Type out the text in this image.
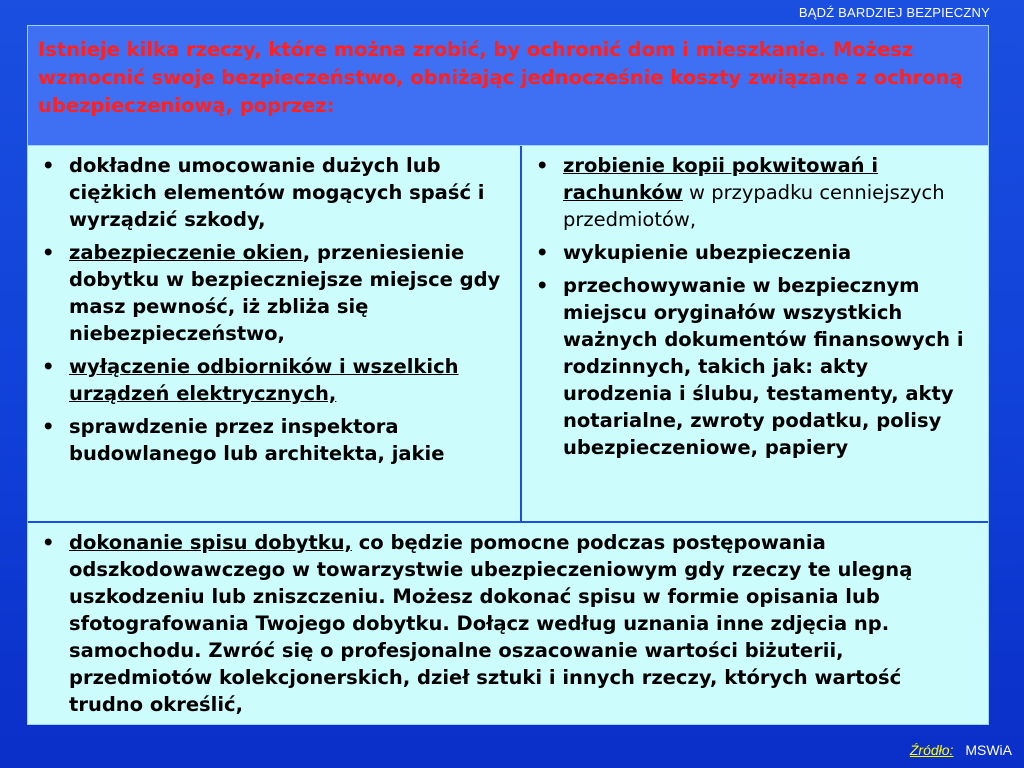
BĄDŹ BARDZIEJ BEZPIECZNY
Istnieje kilka rzeczy, które można zrobić, by ochronić dom i mieszkanie. Możesz wzmocnić swoje bezpieczeństwo, obniżając jednocześnie koszty związane z ochroną ubezpieczeniową, poprzez:
• dokładne umocowanie dużych lub ciężkich elementów mogących spaść i wyrządzić szkody,
• zabezpieczenie okien, przeniesienie dobytku w bezpieczniejsze miejsce gdy masz pewność, iż zbliża się niebezpieczeństwo,
• wyłączenie odbiorników i wszelkich urządzeń elektrycznych,
• sprawdzenie przez inspektora budowlanego lub architekta, jakie
• zrobienie kopii pokwitowań i rachunków w przypadku cenniejszych przedmiotów,
• wykupienie ubezpieczenia
• przechowywanie w bezpiecznym miejscu oryginałów wszystkich ważnych dokumentów finansowych i rodzinnych, takich jak: akty urodzenia i ślubu, testamenty, akty notarialne, zwroty podatku, polisy ubezpieczeniowe, papiery
• dokonanie spisu dobytku, co będzie pomocne podczas postępowania odszkodowawczego w towarzystwie ubezpieczeniowym gdy rzeczy te ulegną uszkodzeniu lub zniszczeniu. Możesz dokonać spisu w formie opisania lub sfotografowania Twojego dobytku. Dołącz według uznania inne zdjęcia np. samochodu. Zwróć się o profesjonalne oszacowanie wartości biżuterii, przedmiotów kolekcjonerskich, dzieł sztuki i innych rzeczy, których wartość trudno określić,
Źródło: MSWiA
